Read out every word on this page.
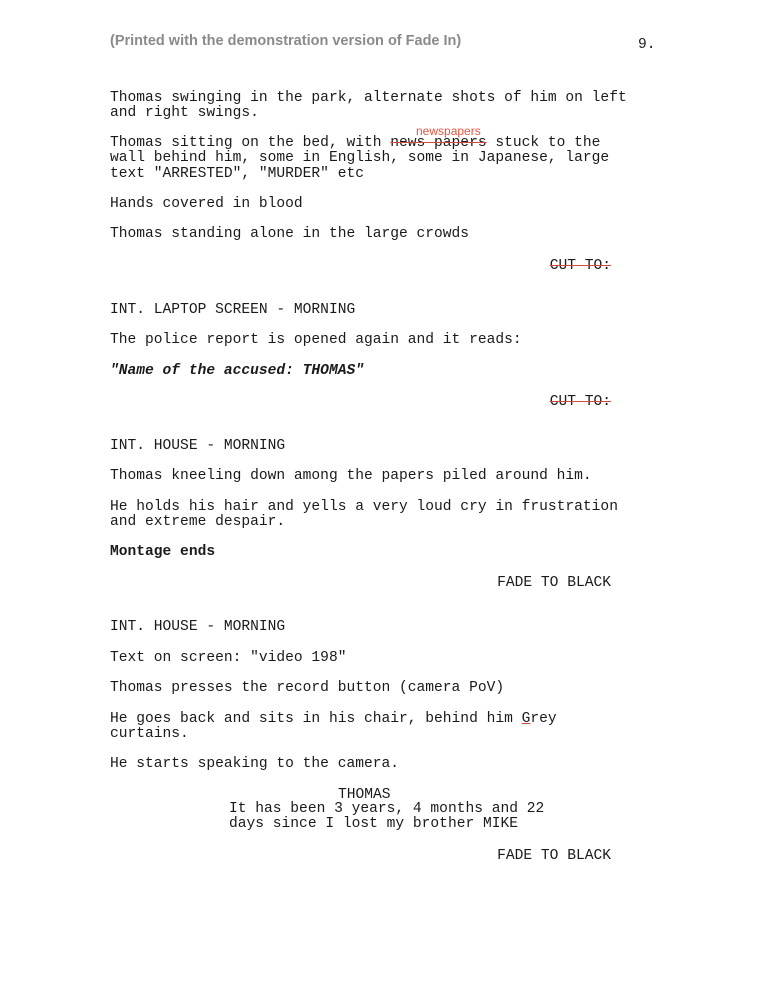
(Printed with the demonstration version of Fade In)	9.
Thomas swinging in the park, alternate shots of him on left
and right swings.
newspapers
Thomas sitting on the bed, with news papers stuck to the
wall behind him, some in English, some in Japanese, large
text "ARRESTED", "MURDER" etc
Hands covered in blood
Thomas standing alone in the large crowds
CUT TO:
INT. LAPTOP SCREEN - MORNING
The police report is opened again and it reads:
"Name of the accused: THOMAS"
CUT TO:
INT. HOUSE - MORNING
Thomas kneeling down among the papers piled around him.
He holds his hair and yells a very loud cry in frustration
and extreme despair.
Montage ends
FADE TO BLACK
INT. HOUSE - MORNING
Text on screen: "video 198"
Thomas presses the record button (camera PoV)
He goes back and sits in his chair, behind him Grey
curtains.
He starts speaking to the camera.
THOMAS
It has been 3 years, 4 months and 22
days since I lost my brother MIKE
FADE TO BLACK
